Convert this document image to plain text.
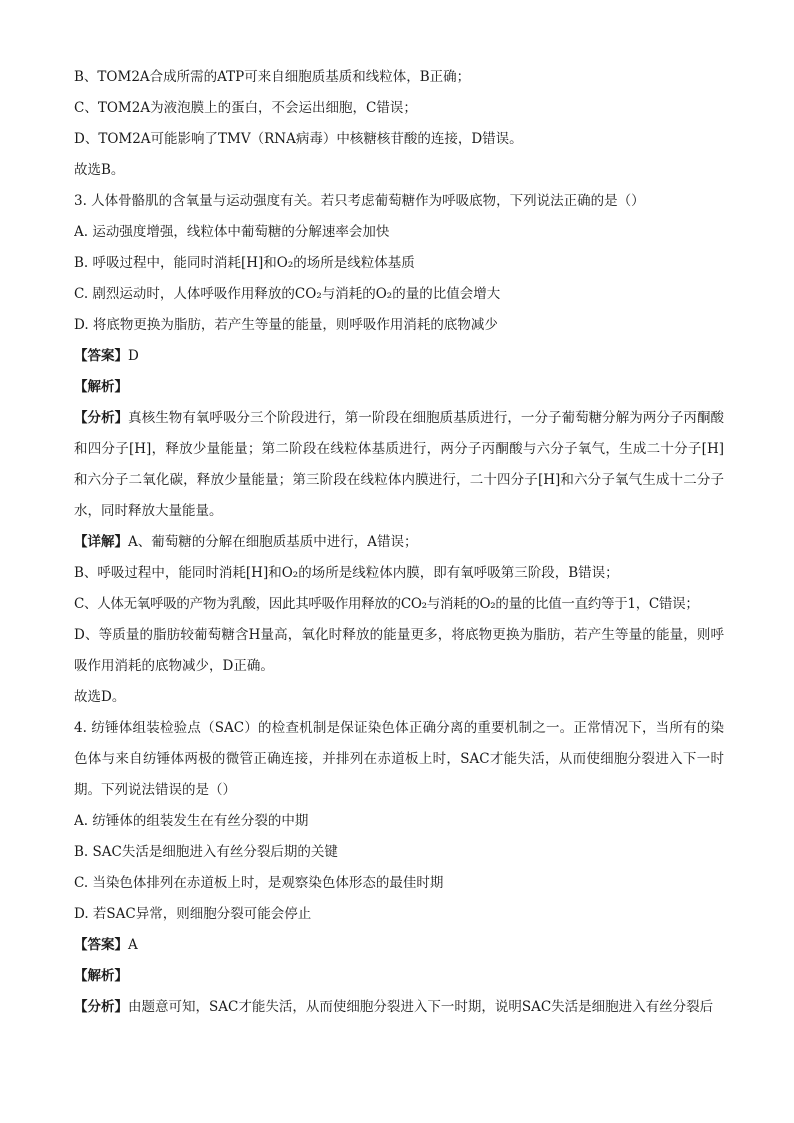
B、TOM2A合成所需的ATP可来自细胞质基质和线粒体，B正确；
C、TOM2A为液泡膜上的蛋白，不会运出细胞，C错误；
D、TOM2A可能影响了TMV（RNA病毒）中核糖核苷酸的连接，D错误。
故选B。
3. 人体骨骼肌的含氧量与运动强度有关。若只考虑葡萄糖作为呼吸底物，下列说法正确的是（）
A. 运动强度增强，线粒体中葡萄糖的分解速率会加快
B. 呼吸过程中，能同时消耗[H]和O₂的场所是线粒体基质
C. 剧烈运动时，人体呼吸作用释放的CO₂与消耗的O₂的量的比值会增大
D. 将底物更换为脂肪，若产生等量的能量，则呼吸作用消耗的底物减少
【答案】D
【解析】
【分析】真核生物有氧呼吸分三个阶段进行，第一阶段在细胞质基质进行，一分子葡萄糖分解为两分子丙酮酸和四分子[H]，释放少量能量；第二阶段在线粒体基质进行，两分子丙酮酸与六分子氧气，生成二十分子[H]和六分子二氧化碳，释放少量能量；第三阶段在线粒体内膜进行，二十四分子[H]和六分子氧气生成十二分子水，同时释放大量能量。
【详解】A、葡萄糖的分解在细胞质基质中进行，A错误；
B、呼吸过程中，能同时消耗[H]和O₂的场所是线粒体内膜，即有氧呼吸第三阶段，B错误；
C、人体无氧呼吸的产物为乳酸，因此其呼吸作用释放的CO₂与消耗的O₂的量的比值一直约等于1，C错误；
D、等质量的脂肪较葡萄糖含H量高，氧化时释放的能量更多，将底物更换为脂肪，若产生等量的能量，则呼吸作用消耗的底物减少，D正确。
故选D。
4. 纺锤体组装检验点（SAC）的检查机制是保证染色体正确分离的重要机制之一。正常情况下，当所有的染色体与来自纺锤体两极的微管正确连接，并排列在赤道板上时，SAC才能失活，从而使细胞分裂进入下一时期。下列说法错误的是（）
A. 纺锤体的组装发生在有丝分裂的中期
B. SAC失活是细胞进入有丝分裂后期的关键
C. 当染色体排列在赤道板上时，是观察染色体形态的最佳时期
D. 若SAC异常，则细胞分裂可能会停止
【答案】A
【解析】
【分析】由题意可知，SAC才能失活，从而使细胞分裂进入下一时期，说明SAC失活是细胞进入有丝分裂后
